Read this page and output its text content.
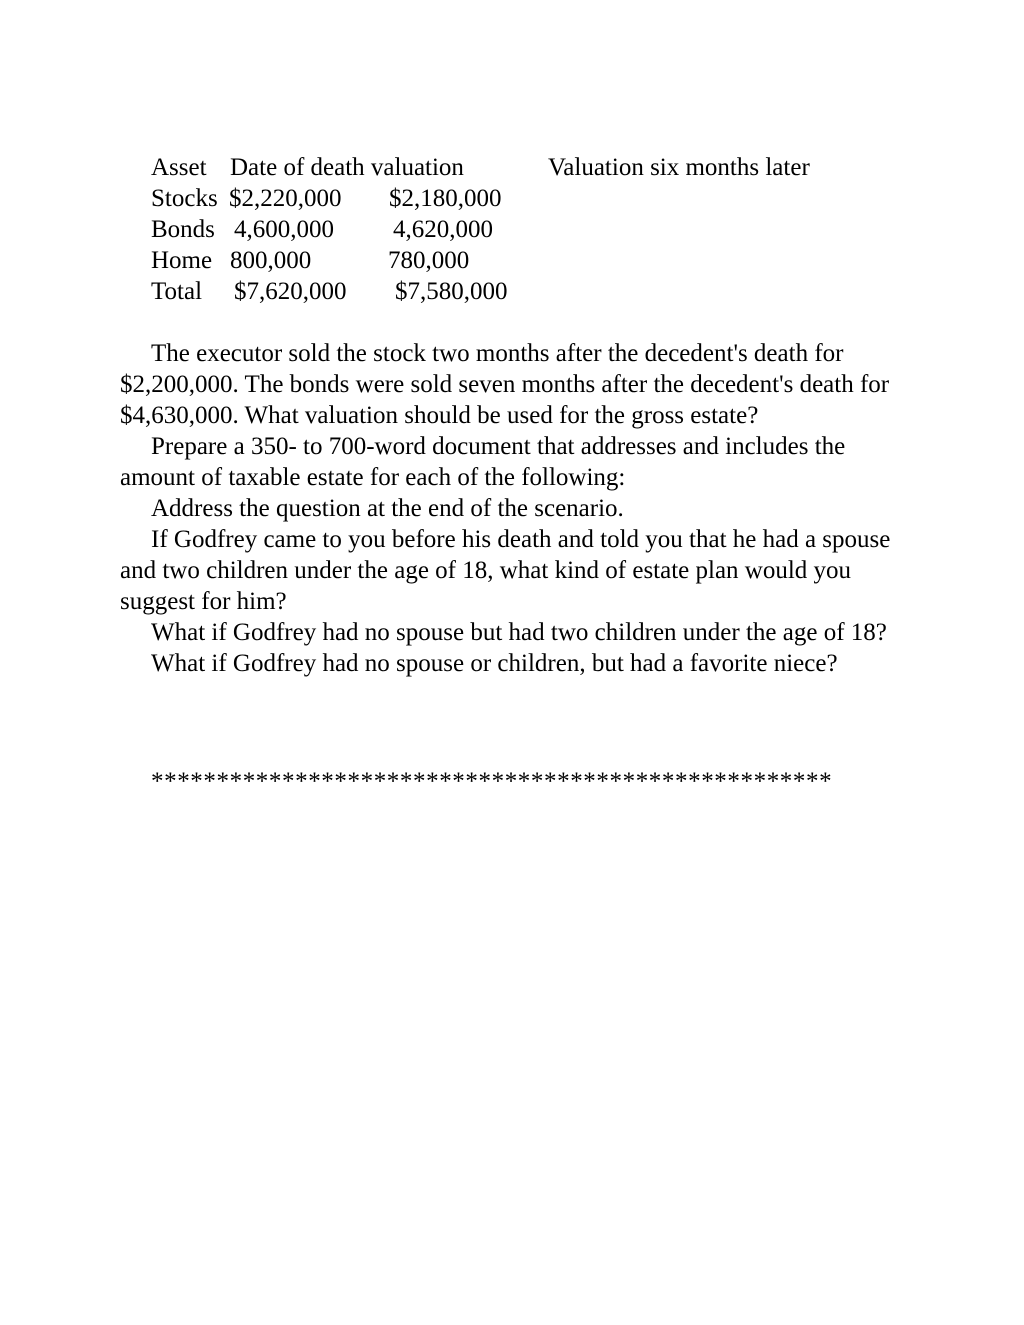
Asset Date of death valuation	Valuation six months later
Stocks $2,220,000 $2,180,000
Bonds 4,600,000 4,620,000
Home 800,000	780,000
Total $7,620,000 $7,580,000

The executor sold the stock two months after the decedent's death for $2,200,000. The bonds were sold seven months after the decedent's death for $4,630,000. What valuation should be used for the gross estate?

Prepare a 350- to 700-word document that addresses and includes the amount of taxable estate for each of the following:

Address the question at the end of the scenario.

If Godfrey came to you before his death and told you that he had a spouse and two children under the age of 18, what kind of estate plan would you suggest for him?

What if Godfrey had no spouse but had two children under the age of 18?

What if Godfrey had no spouse or children, but had a favorite niece?

****************************************************
